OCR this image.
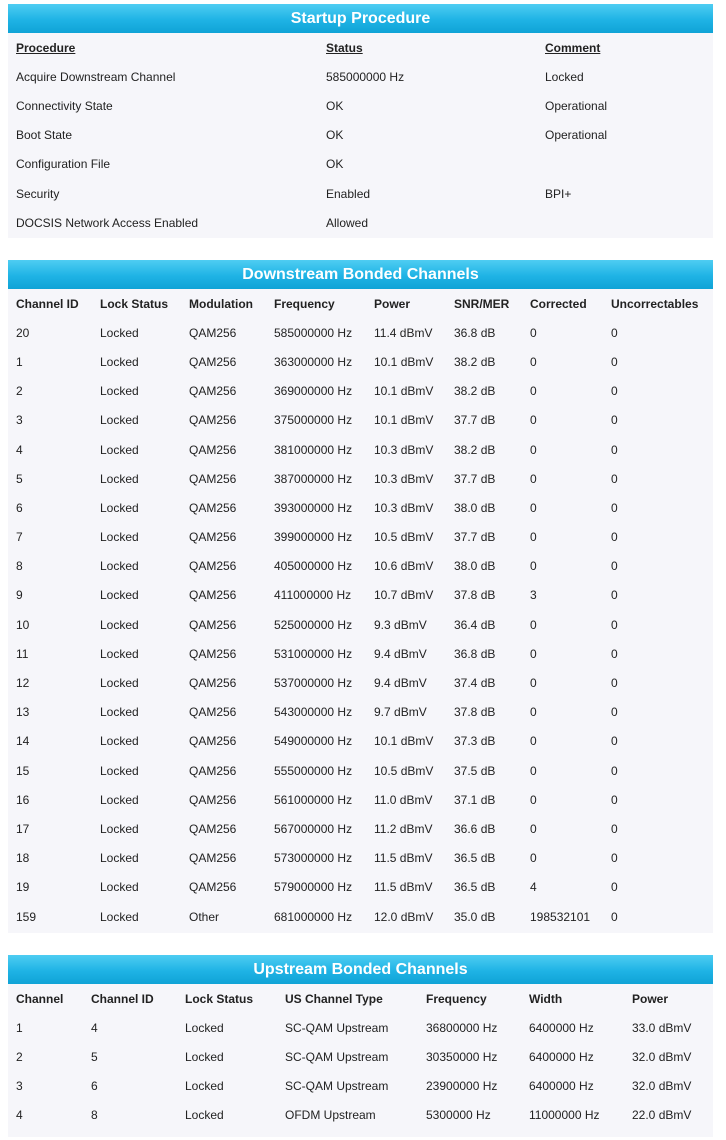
Startup Procedure
Procedure	Status	Comment
Acquire Downstream Channel	585000000 Hz	Locked
Connectivity State	OK	Operational
Boot State	OK	Operational
Configuration File	OK	
Security	Enabled	BPI+
DOCSIS Network Access Enabled	Allowed	
Downstream Bonded Channels
Channel ID	Lock Status	Modulation	Frequency	Power	SNR/MER	Corrected	Uncorrectables
20	Locked	QAM256	585000000 Hz	11.4 dBmV	36.8 dB	0	0
1	Locked	QAM256	363000000 Hz	10.1 dBmV	38.2 dB	0	0
2	Locked	QAM256	369000000 Hz	10.1 dBmV	38.2 dB	0	0
3	Locked	QAM256	375000000 Hz	10.1 dBmV	37.7 dB	0	0
4	Locked	QAM256	381000000 Hz	10.3 dBmV	38.2 dB	0	0
5	Locked	QAM256	387000000 Hz	10.3 dBmV	37.7 dB	0	0
6	Locked	QAM256	393000000 Hz	10.3 dBmV	38.0 dB	0	0
7	Locked	QAM256	399000000 Hz	10.5 dBmV	37.7 dB	0	0
8	Locked	QAM256	405000000 Hz	10.6 dBmV	38.0 dB	0	0
9	Locked	QAM256	411000000 Hz	10.7 dBmV	37.8 dB	3	0
10	Locked	QAM256	525000000 Hz	9.3 dBmV	36.4 dB	0	0
11	Locked	QAM256	531000000 Hz	9.4 dBmV	36.8 dB	0	0
12	Locked	QAM256	537000000 Hz	9.4 dBmV	37.4 dB	0	0
13	Locked	QAM256	543000000 Hz	9.7 dBmV	37.8 dB	0	0
14	Locked	QAM256	549000000 Hz	10.1 dBmV	37.3 dB	0	0
15	Locked	QAM256	555000000 Hz	10.5 dBmV	37.5 dB	0	0
16	Locked	QAM256	561000000 Hz	11.0 dBmV	37.1 dB	0	0
17	Locked	QAM256	567000000 Hz	11.2 dBmV	36.6 dB	0	0
18	Locked	QAM256	573000000 Hz	11.5 dBmV	36.5 dB	0	0
19	Locked	QAM256	579000000 Hz	11.5 dBmV	36.5 dB	4	0
159	Locked	Other	681000000 Hz	12.0 dBmV	35.0 dB	198532101	0
Upstream Bonded Channels
Channel	Channel ID	Lock Status	US Channel Type	Frequency	Width	Power
1	4	Locked	SC-QAM Upstream	36800000 Hz	6400000 Hz	33.0 dBmV
2	5	Locked	SC-QAM Upstream	30350000 Hz	6400000 Hz	32.0 dBmV
3	6	Locked	SC-QAM Upstream	23900000 Hz	6400000 Hz	32.0 dBmV
4	8	Locked	OFDM Upstream	5300000 Hz	11000000 Hz	22.0 dBmV
